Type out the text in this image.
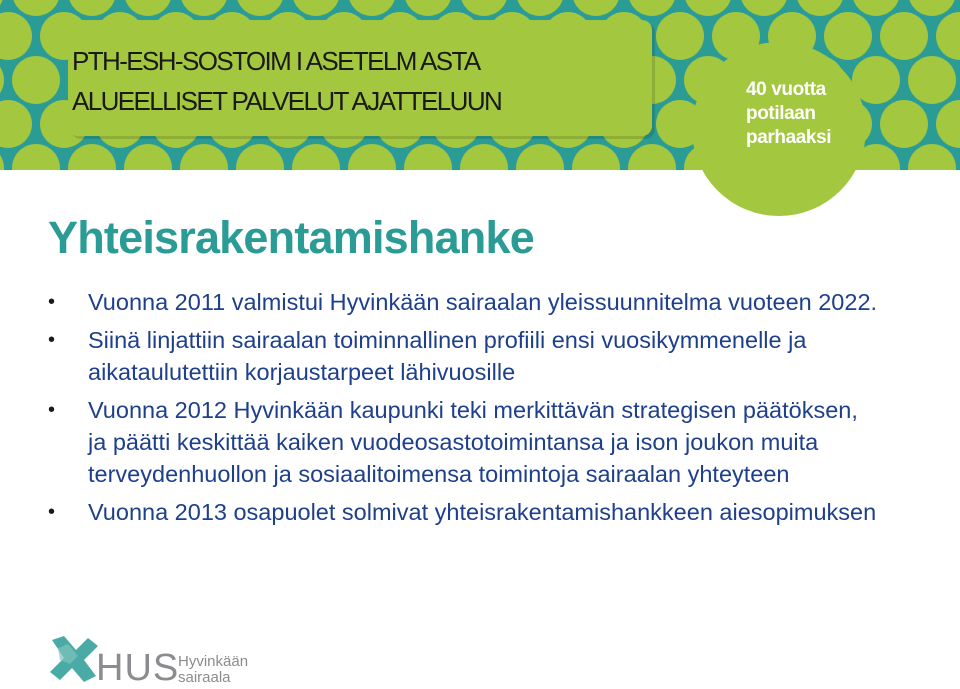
PTH-ESH-SOSTOIM I ASETELM ASTA
ALUEELLISET PALVELUT AJATTELUUN	40 vuotta
potilaan
parhaaksi
Yhteisrakentamishanke
• Vuonna 2011 valmistui Hyvinkään sairaalan yleissuunnitelma vuoteen 2022.
• Siinä linjattiin sairaalan toiminnallinen profiili ensi vuosikymmenelle ja aikataulutettiin korjaustarpeet lähivuosille
• Vuonna 2012 Hyvinkään kaupunki teki merkittävän strategisen päätöksen, ja päätti keskittää kaiken vuodeosastotoimintansa ja ison joukon muita terveydenhuollon ja sosiaalitoimensa toimintoja sairaalan yhteyteen
• Vuonna 2013 osapuolet solmivat yhteisrakentamishankkeen aiesopimuksen
HUS
Hyvinkään
sairaala
